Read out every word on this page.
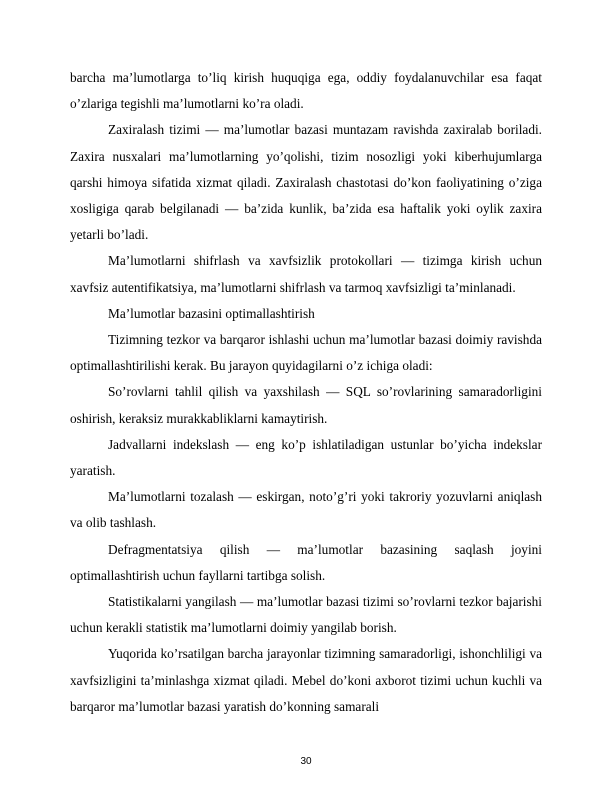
barcha ma’lumotlarga to’liq kirish huquqiga ega, oddiy foydalanuvchilar esa faqat o’zlariga tegishli ma’lumotlarni ko’ra oladi.

Zaxiralash tizimi — ma’lumotlar bazasi muntazam ravishda zaxiralab boriladi. Zaxira nusxalari ma’lumotlarning yo’qolishi, tizim nosozligi yoki kiberhujumlarga qarshi himoya sifatida xizmat qiladi. Zaxiralash chastotasi do’kon faoliyatining o’ziga xosligiga qarab belgilanadi — ba’zida kunlik, ba’zida esa haftalik yoki oylik zaxira yetarli bo’ladi.

Ma’lumotlarni shifrlash va xavfsizlik protokollari — tizimga kirish uchun xavfsiz autentifikatsiya, ma’lumotlarni shifrlash va tarmoq xavfsizligi ta’minlanadi.

Ma’lumotlar bazasini optimallashtirish

Tizimning tezkor va barqaror ishlashi uchun ma’lumotlar bazasi doimiy ravishda optimallashtirilishi kerak. Bu jarayon quyidagilarni o’z ichiga oladi:

So’rovlarni tahlil qilish va yaxshilash — SQL so’rovlarining samaradorligini oshirish, keraksiz murakkabliklarni kamaytirish.

Jadvallarni indekslash — eng ko’p ishlatiladigan ustunlar bo’yicha indekslar yaratish.

Ma’lumotlarni tozalash — eskirgan, noto’g’ri yoki takroriy yozuvlarni aniqlash va olib tashlash.

Defragmentatsiya qilish — ma’lumotlar bazasining saqlash joyini optimallashtirish uchun fayllarni tartibga solish.

Statistikalarni yangilash — ma’lumotlar bazasi tizimi so’rovlarni tezkor bajarishi uchun kerakli statistik ma’lumotlarni doimiy yangilab borish.

Yuqorida ko’rsatilgan barcha jarayonlar tizimning samaradorligi, ishonchliligi va xavfsizligini ta’minlashga xizmat qiladi. Mebel do’koni axborot tizimi uchun kuchli va barqaror ma’lumotlar bazasi yaratish do’konning samarali

30
